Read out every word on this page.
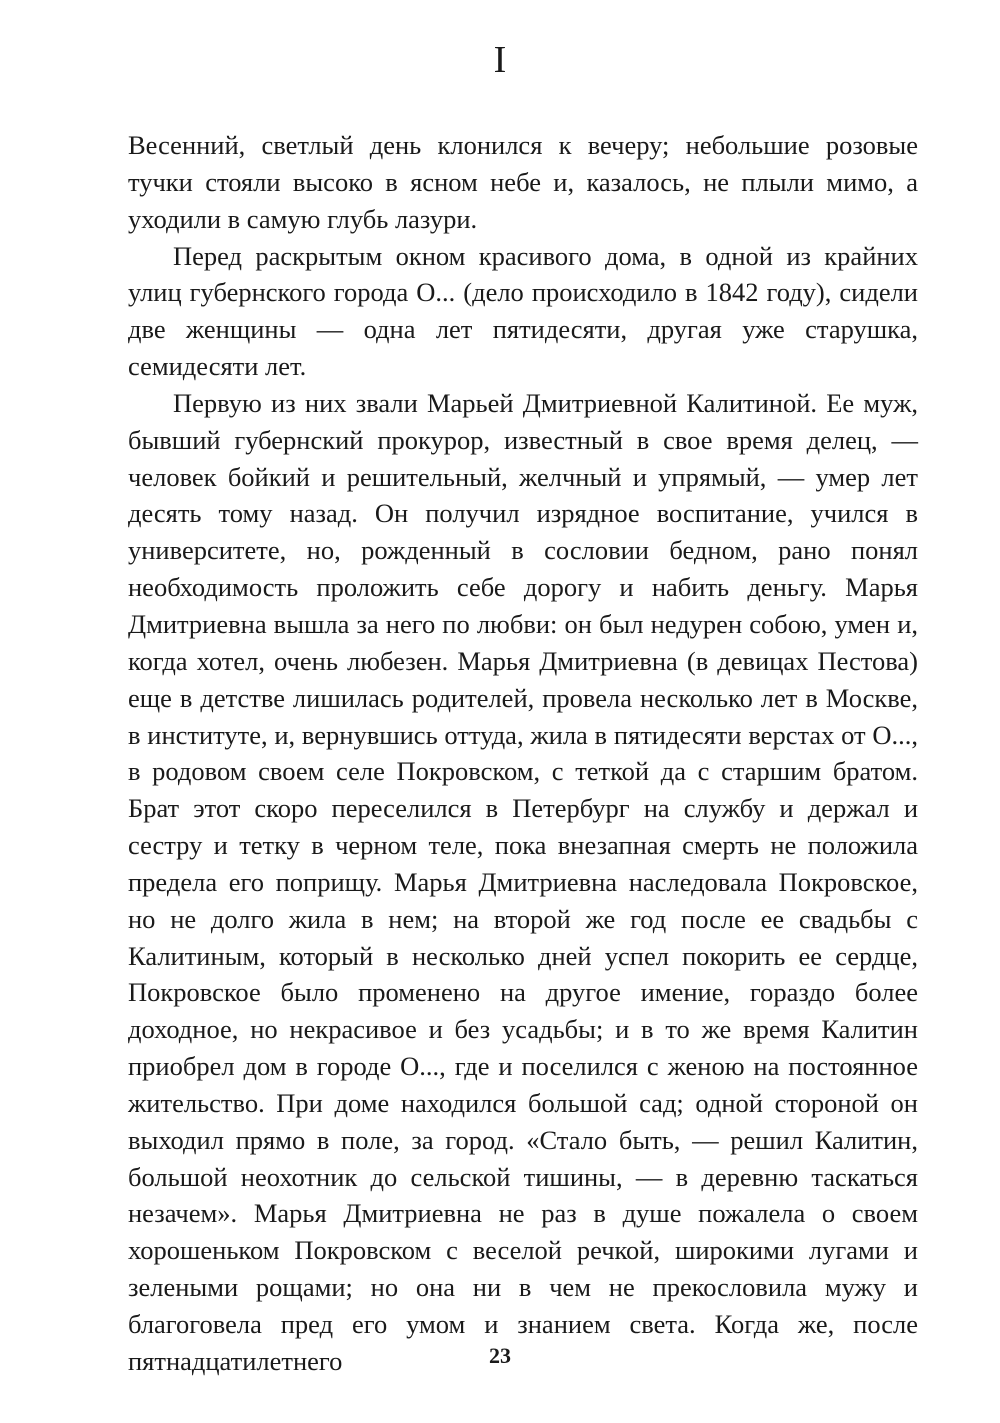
I

Весенний, светлый день клонился к вечеру; небольшие розовые тучки стояли высоко в ясном небе и, казалось, не плыли мимо, а уходили в самую глубь лазури.

Перед раскрытым окном красивого дома, в одной из крайних улиц губернского города О... (дело происходило в 1842 году), сидели две женщины — одна лет пятидесяти, другая уже старушка, семидесяти лет.

Первую из них звали Марьей Дмитриевной Калитиной. Ее муж, бывший губернский прокурор, известный в свое время делец, — человек бойкий и решительный, желчный и упрямый, — умер лет десять тому назад. Он получил изрядное воспитание, учился в университете, но, рожденный в сословии бедном, рано понял необходимость проложить себе дорогу и набить деньгу. Марья Дмитриевна вышла за него по любви: он был недурен собою, умен и, когда хотел, очень любезен. Марья Дмитриевна (в девицах Пестова) еще в детстве лишилась родителей, провела несколько лет в Москве, в институте, и, вернувшись оттуда, жила в пятидесяти верстах от О..., в родовом своем селе Покровском, с теткой да с старшим братом. Брат этот скоро переселился в Петербург на службу и держал и сестру и тетку в черном теле, пока внезапная смерть не положила предела его поприщу. Марья Дмитриевна наследовала Покровское, но не долго жила в нем; на второй же год после ее свадьбы с Калитиным, который в несколько дней успел покорить ее сердце, Покровское было променено на другое имение, гораздо более доходное, но некрасивое и без усадьбы; и в то же время Калитин приобрел дом в городе О..., где и поселился с женою на постоянное жительство. При доме находился большой сад; одной стороной он выходил прямо в поле, за город. «Стало быть, — решил Калитин, большой неохотник до сельской тишины, — в деревню таскаться незачем». Марья Дмитриевна не раз в душе пожалела о своем хорошеньком Покровском с веселой речкой, широкими лугами и зелеными рощами; но она ни в чем не прекословила мужу и благоговела пред его умом и знанием света. Когда же, после пятнадцатилетнего	23
